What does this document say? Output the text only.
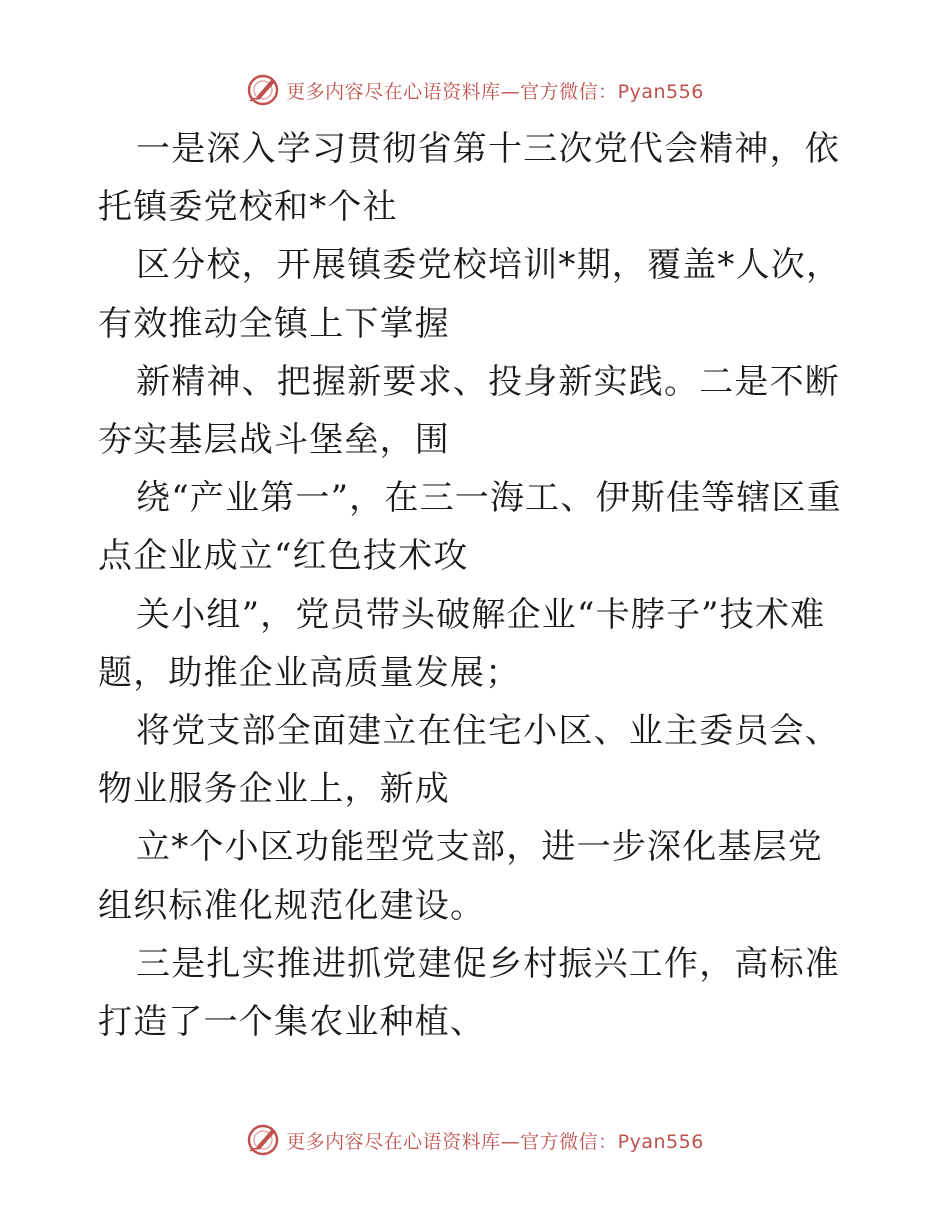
更多内容尽在心语资料库—官方微信：Pyan556

一是深入学习贯彻省第十三次党代会精神，依托镇委党校和*个社

区分校，开展镇委党校培训*期，覆盖*人次，有效推动全镇上下掌握

新精神、把握新要求、投身新实践。二是不断夯实基层战斗堡垒，围

绕“产业第一”，在三一海工、伊斯佳等辖区重点企业成立“红色技术攻

关小组”，党员带头破解企业“卡脖子”技术难题，助推企业高质量发展；

将党支部全面建立在住宅小区、业主委员会、物业服务企业上，新成

立*个小区功能型党支部，进一步深化基层党组织标准化规范化建设。

三是扎实推进抓党建促乡村振兴工作，高标准打造了一个集农业种植、

更多内容尽在心语资料库—官方微信：Pyan556
